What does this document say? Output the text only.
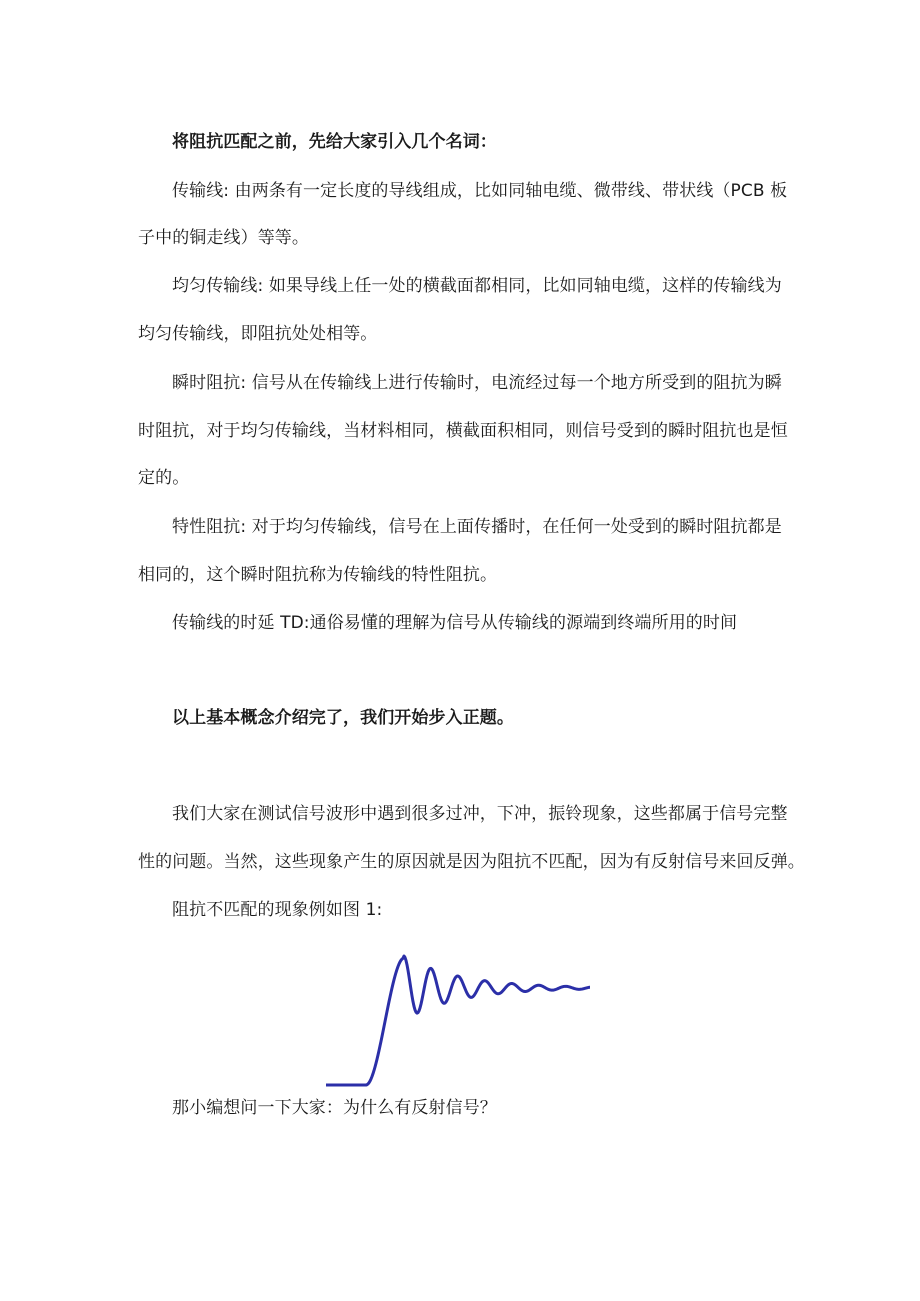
将阻抗匹配之前，先给大家引入几个名词：
传输线: 由两条有一定长度的导线组成，比如同轴电缆、微带线、带状线（PCB 板
子中的铜走线）等等。
均匀传输线: 如果导线上任一处的横截面都相同，比如同轴电缆，这样的传输线为
均匀传输线，即阻抗处处相等。
瞬时阻抗: 信号从在传输线上进行传输时，电流经过每一个地方所受到的阻抗为瞬
时阻抗，对于均匀传输线，当材料相同，横截面积相同，则信号受到的瞬时阻抗也是恒
定的。
特性阻抗: 对于均匀传输线，信号在上面传播时，在任何一处受到的瞬时阻抗都是
相同的，这个瞬时阻抗称为传输线的特性阻抗。
传输线的时延 TD:通俗易懂的理解为信号从传输线的源端到终端所用的时间
以上基本概念介绍完了，我们开始步入正题。
我们大家在测试信号波形中遇到很多过冲，下冲，振铃现象，这些都属于信号完整
性的问题。当然，这些现象产生的原因就是因为阻抗不匹配，因为有反射信号来回反弹。
阻抗不匹配的现象例如图 1:
那小编想问一下大家：为什么有反射信号？
